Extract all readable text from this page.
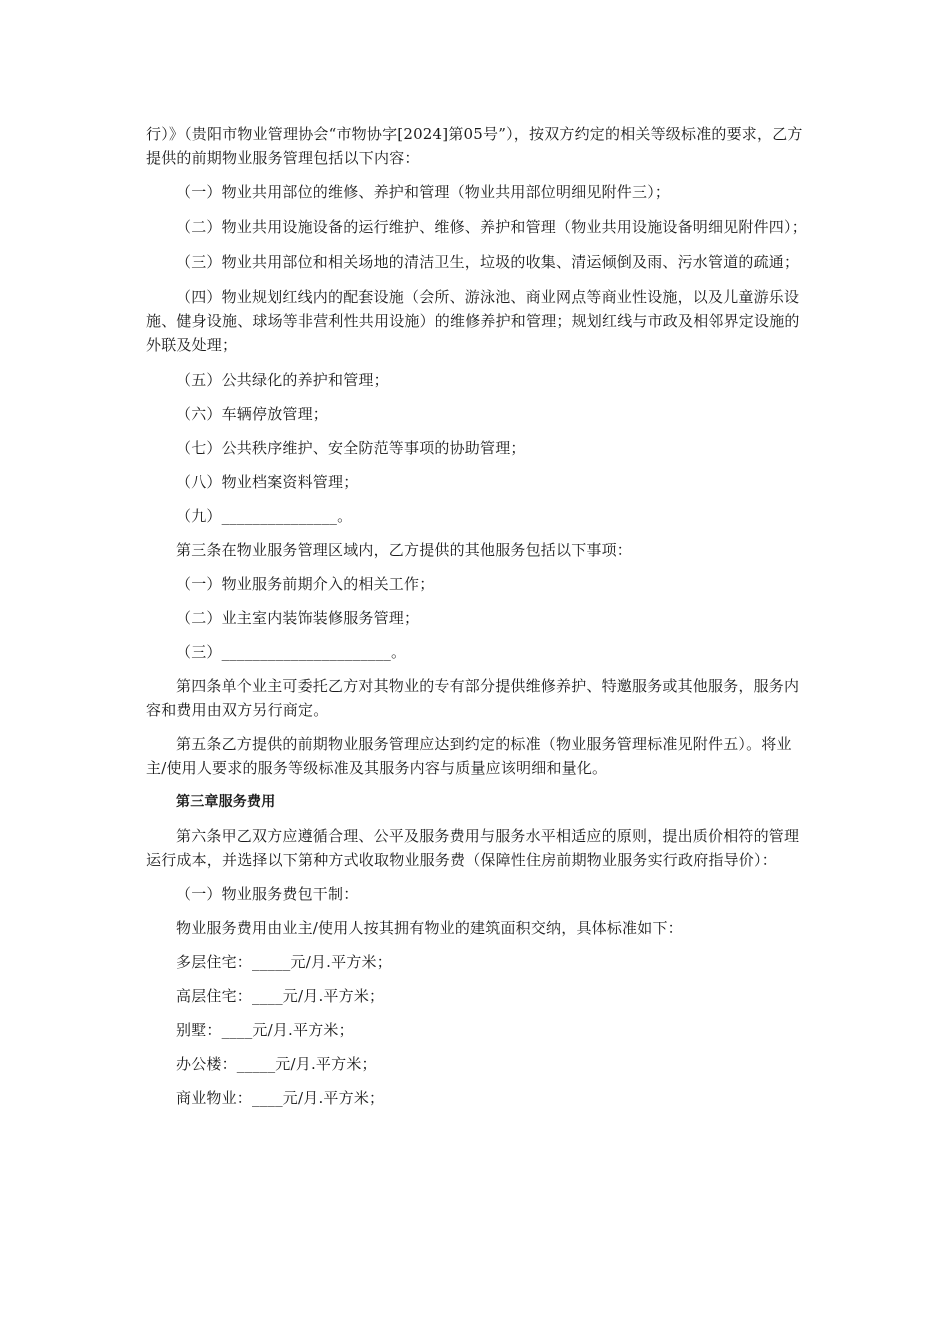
行）》（贵阳市物业管理协会“市物协字[2024]第05号”），按双方约定的相关等级标准的要求，乙方提供的前期物业服务管理包括以下内容：

（一）物业共用部位的维修、养护和管理（物业共用部位明细见附件三）；

（二）物业共用设施设备的运行维护、维修、养护和管理（物业共用设施设备明细见附件四）；

（三）物业共用部位和相关场地的清洁卫生，垃圾的收集、清运倾倒及雨、污水管道的疏通；

（四）物业规划红线内的配套设施（会所、游泳池、商业网点等商业性设施，以及儿童游乐设施、健身设施、球场等非营利性共用设施）的维修养护和管理；规划红线与市政及相邻界定设施的外联及处理；

（五）公共绿化的养护和管理；

（六）车辆停放管理；

（七）公共秩序维护、安全防范等事项的协助管理；

（八）物业档案资料管理；

（九）_______________。

第三条在物业服务管理区域内，乙方提供的其他服务包括以下事项：

（一）物业服务前期介入的相关工作；

（二）业主室内装饰装修服务管理；

（三）______________________。

第四条单个业主可委托乙方对其物业的专有部分提供维修养护、特邀服务或其他服务，服务内容和费用由双方另行商定。

第五条乙方提供的前期物业服务管理应达到约定的标准（物业服务管理标准见附件五）。将业主/使用人要求的服务等级标准及其服务内容与质量应该明细和量化。

第三章服务费用

第六条甲乙双方应遵循合理、公平及服务费用与服务水平相适应的原则，提出质价相符的管理运行成本，并选择以下第种方式收取物业服务费（保障性住房前期物业服务实行政府指导价）：

（一）物业服务费包干制：

物业服务费用由业主/使用人按其拥有物业的建筑面积交纳，具体标准如下：

多层住宅：_____元/月.平方米；

高层住宅：____元/月.平方米；

别墅：____元/月.平方米；

办公楼：_____元/月.平方米；

商业物业：____元/月.平方米；
